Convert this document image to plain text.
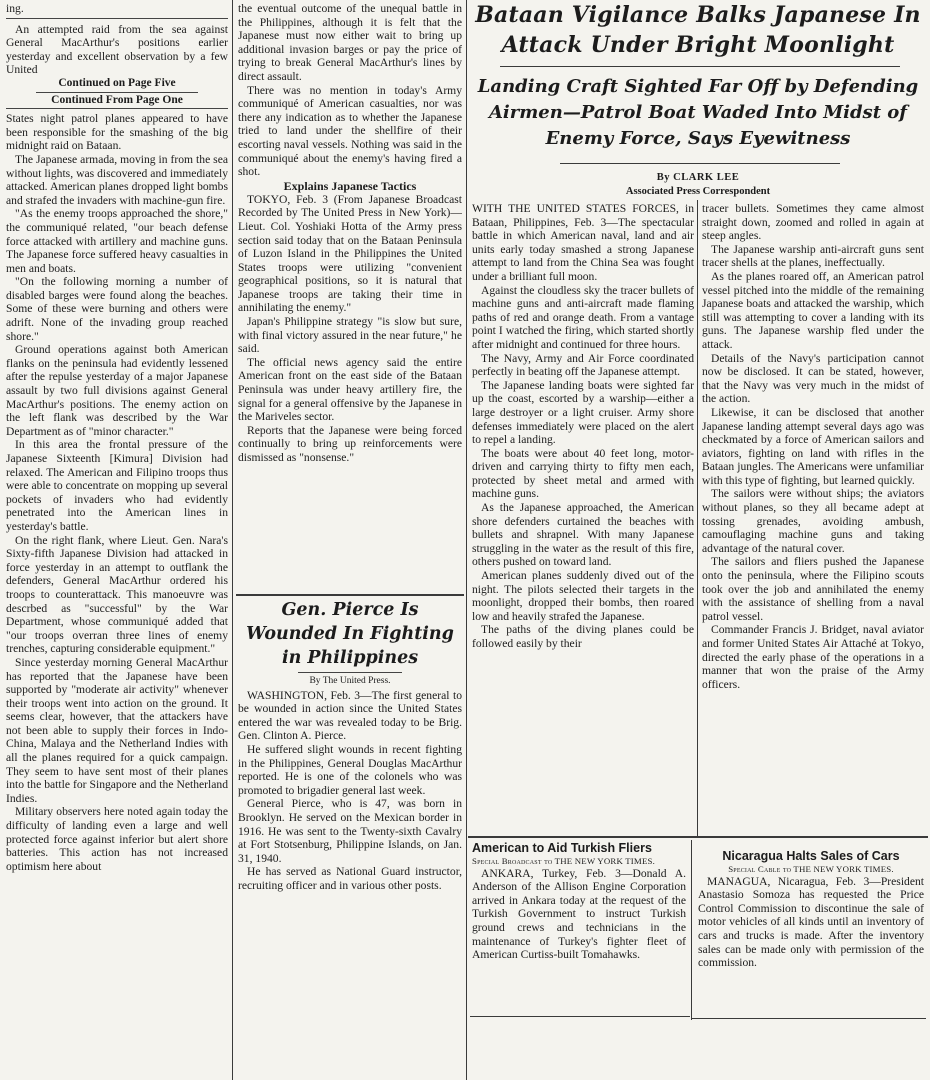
ing.

An attempted raid from the sea against General MacArthur's positions earlier yesterday and excellent observation by a few United

Continued on Page Five

Continued From Page One

States night patrol planes appeared to have been responsible for the smashing of the big midnight raid on Bataan.

The Japanese armada, moving in from the sea without lights, was discovered and immediately attacked. American planes dropped light bombs and strafed the invaders with machine-gun fire.

"As the enemy troops approached the shore," the communiqué related, "our beach defense force attacked with artillery and machine guns. The Japanese force suffered heavy casualties in men and boats.

"On the following morning a number of disabled barges were found along the beaches. Some of these were burning and others were adrift. None of the invading group reached shore."

Ground operations against both American flanks on the peninsula had evidently lessened after the repulse yesterday of a major Japanese assault by two full divisions against General MacArthur's positions. The enemy action on the left flank was described by the War Department as of "minor character."

In this area the frontal pressure of the Japanese Sixteenth [Kimura] Division had relaxed. The American and Filipino troops thus were able to concentrate on mopping up several pockets of invaders who had evidently penetrated into the American lines in yesterday's battle.

On the right flank, where Lieut. Gen. Nara's Sixty-fifth Japanese Division had attacked in force yesterday in an attempt to outflank the defenders, General MacArthur ordered his troops to counterattack. This manoeuvre was descrbed as "successful" by the War Department, whose communiqué added that "our troops overran three lines of enemy trenches, capturing considerable equipment."

Since yesterday morning General MacArthur has reported that the Japanese have been supported by "moderate air activity" whenever their troops went into action on the ground. It seems clear, however, that the attackers have not been able to supply their forces in Indo-China, Malaya and the Netherland Indies with all the planes required for a quick campaign. They seem to have sent most of their planes into the battle for Singapore and the Netherland Indies.

Military observers here noted again today the difficulty of landing even a large and well protected force against inferior but alert shore batteries. This action has not increased optimism here about

the eventual outcome of the unequal battle in the Philippines, although it is felt that the Japanese must now either wait to bring up additional invasion barges or pay the price of trying to break General MacArthur's lines by direct assault.

There was no mention in today's Army communiqué of American casualties, nor was there any indication as to whether the Japanese tried to land under the shellfire of their escorting naval vessels. Nothing was said in the communiqué about the enemy's having fired a shot.

Explains Japanese Tactics

TOKYO, Feb. 3 (From Japanese Broadcast Recorded by The United Press in New York)—Lieut. Col. Yoshiaki Hotta of the Army press section said today that on the Bataan Peninsula of Luzon Island in the Philippines the United States troops were utilizing "convenient geographical positions, so it is natural that Japanese troops are taking their time in annihilating the enemy."

Japan's Philippine strategy "is slow but sure, with final victory assured in the near future," he said.

The official news agency said the entire American front on the east side of the Bataan Peninsula was under heavy artillery fire, the signal for a general offensive by the Japanese in the Mariveles sector.

Reports that the Japanese were being forced continually to bring up reinforcements were dismissed as "nonsense."

Gen. Pierce Is Wounded In Fighting in Philippines

By The United Press.

WASHINGTON, Feb. 3—The first general to be wounded in action since the United States entered the war was revealed today to be Brig. Gen. Clinton A. Pierce.

He suffered slight wounds in recent fighting in the Philippines, General Douglas MacArthur reported. He is one of the colonels who was promoted to brigadier general last week.

General Pierce, who is 47, was born in Brooklyn. He served on the Mexican border in 1916. He was sent to the Twenty-sixth Cavalry at Fort Stotsenburg, Philippine Islands, on Jan. 31, 1940.

He has served as National Guard instructor, recruiting officer and in various other posts.

Bataan Vigilance Balks Japanese In Attack Under Bright Moonlight
Landing Craft Sighted Far Off by Defending Airmen—Patrol Boat Waded Into Midst of Enemy Force, Says Eyewitness
By CLARK LEE
Associated Press Correspondent

WITH THE UNITED STATES FORCES, in Bataan, Philippines, Feb. 3—The spectacular battle in which American naval, land and air units early today smashed a strong Japanese attempt to land from the China Sea was fought under a brilliant full moon.

Against the cloudless sky the tracer bullets of machine guns and anti-aircraft made flaming paths of red and orange death. From a vantage point I watched the firing, which started shortly after midnight and continued for three hours.

The Navy, Army and Air Force coordinated perfectly in beating off the Japanese attempt.

The Japanese landing boats were sighted far up the coast, escorted by a warship—either a large destroyer or a light cruiser. Army shore defenses immediately were placed on the alert to repel a landing.

The boats were about 40 feet long, motor-driven and carrying thirty to fifty men each, protected by sheet metal and armed with machine guns.

As the Japanese approached, the American shore defenders curtained the beaches with bullets and shrapnel. With many Japanese struggling in the water as the result of this fire, others pushed on toward land.

American planes suddenly dived out of the night. The pilots selected their targets in the moonlight, dropped their bombs, then roared low and heavily strafed the Japanese.

The paths of the diving planes could be followed easily by their

tracer bullets. Sometimes they came almost straight down, zoomed and rolled in again at steep angles.

The Japanese warship anti-aircraft guns sent tracer shells at the planes, ineffectually.

As the planes roared off, an American patrol vessel pitched into the middle of the remaining Japanese boats and attacked the warship, which still was attempting to cover a landing with its guns. The Japanese warship fled under the attack.

Details of the Navy's participation cannot now be disclosed. It can be stated, however, that the Navy was very much in the midst of the action.

Likewise, it can be disclosed that another Japanese landing attempt several days ago was checkmated by a force of American sailors and aviators, fighting on land with rifles in the Bataan jungles. The Americans were unfamiliar with this type of fighting, but learned quickly.

The sailors were without ships; the aviators without planes, so they all became adept at tossing grenades, avoiding ambush, camouflaging machine guns and taking advantage of the natural cover.

The sailors and fliers pushed the Japanese onto the peninsula, where the Filipino scouts took over the job and annihilated the enemy with the assistance of shelling from a naval patrol vessel.

Commander Francis J. Bridget, naval aviator and former United States Air Attaché at Tokyo, directed the early phase of the operations in a manner that won the praise of the Army officers.

American to Aid Turkish Fliers

Special Broadcast to THE NEW YORK TIMES.

ANKARA, Turkey, Feb. 3—Donald A. Anderson of the Allison Engine Corporation arrived in Ankara today at the request of the Turkish Government to instruct Turkish ground crews and technicians in the maintenance of Turkey's fighter fleet of American Curtiss-built Tomahawks.

Nicaragua Halts Sales of Cars

Special Cable to THE NEW YORK TIMES.

MANAGUA, Nicaragua, Feb. 3—President Anastasio Somoza has requested the Price Control Commission to discontinue the sale of motor vehicles of all kinds until an inventory of cars and trucks is made. After the inventory sales can be made only with permission of the commission.
